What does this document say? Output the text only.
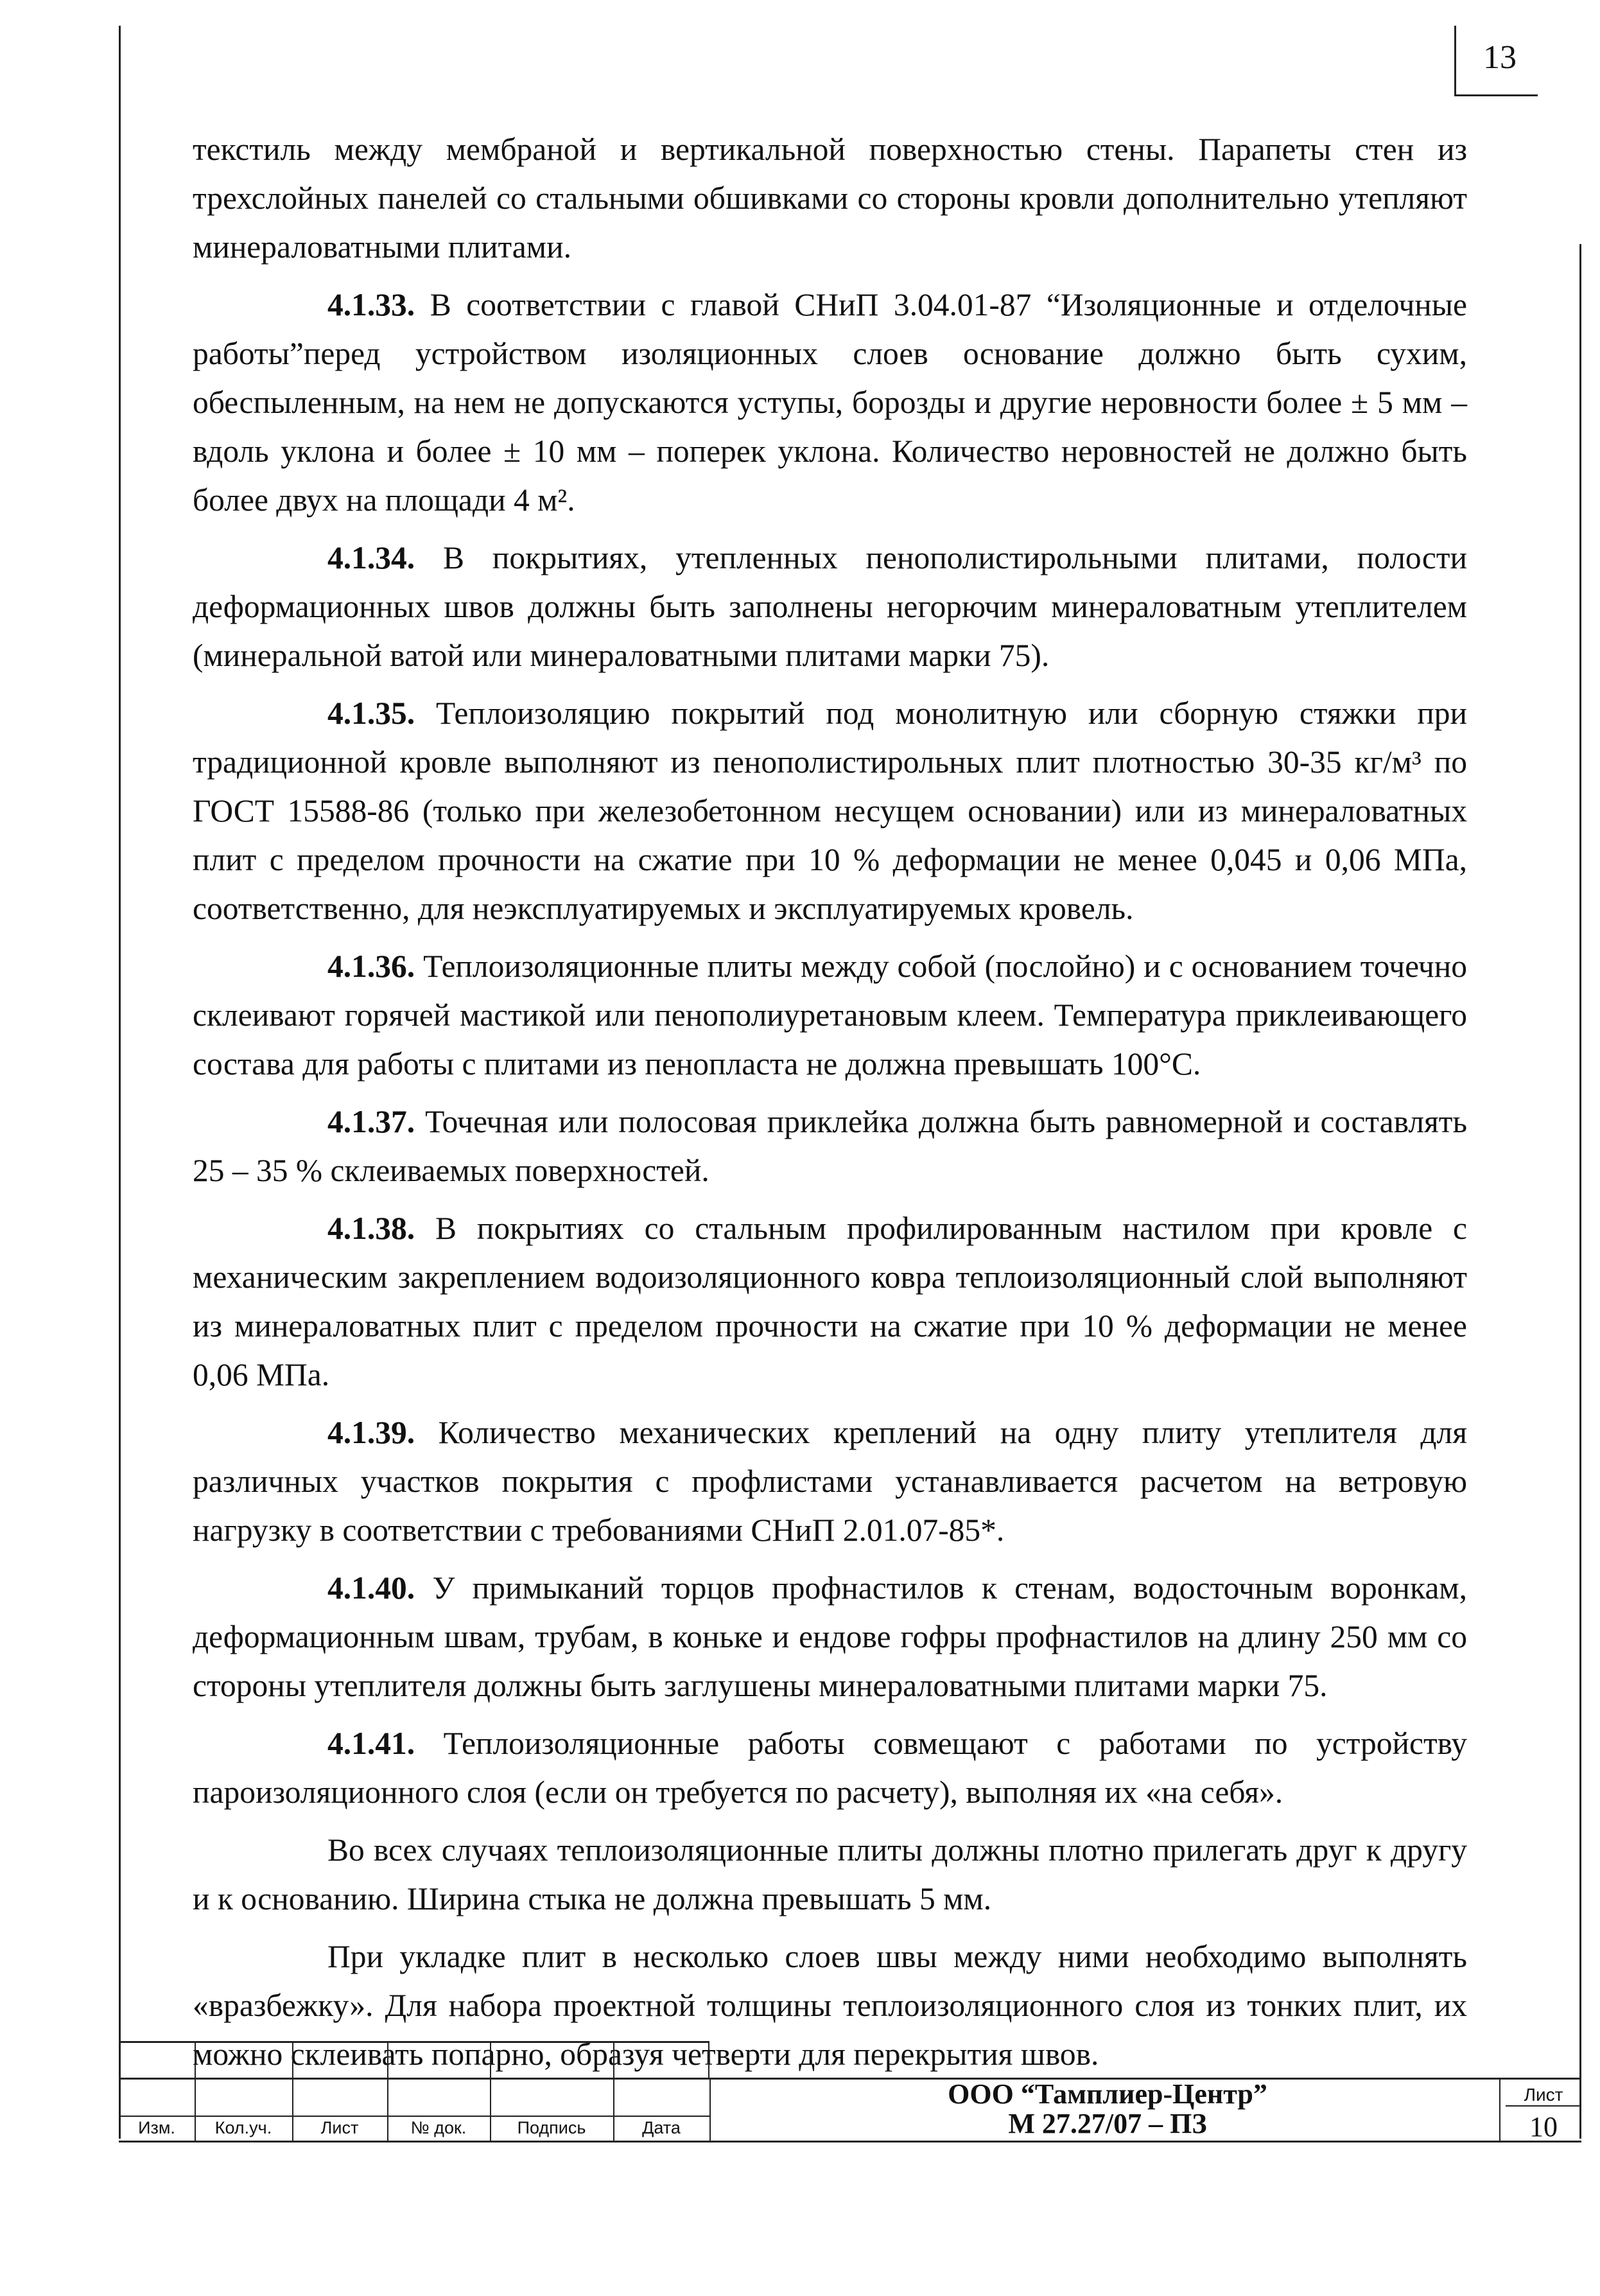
13

текстиль между мембраной и вертикальной поверхностью стены. Парапеты стен из трехслойных панелей со стальными обшивками со стороны кровли дополнительно утепляют минераловатными плитами.

4.1.33. В соответствии с главой СНиП 3.04.01-87 “Изоляционные и отделочные работы”перед устройством изоляционных слоев основание должно быть сухим, обеспыленным, на нем не допускаются уступы, борозды и другие неровности более ± 5 мм – вдоль уклона и более ± 10 мм – поперек уклона. Количество неровностей не должно быть более двух на площади 4 м².

4.1.34. В покрытиях, утепленных пенополистирольными плитами, полости деформационных швов должны быть заполнены негорючим минераловатным утеплителем (минеральной ватой или минераловатными плитами марки 75).

4.1.35. Теплоизоляцию покрытий под монолитную или сборную стяжки при традиционной кровле выполняют из пенополистирольных плит плотностью 30-35 кг/м³ по ГОСТ 15588-86 (только при железобетонном несущем основании) или из минераловатных плит с пределом прочности на сжатие при 10 % деформации не менее 0,045 и 0,06 МПа, соответственно, для неэксплуатируемых и эксплуатируемых кровель.

4.1.36. Теплоизоляционные плиты между собой (послойно) и с основанием точечно склеивают горячей мастикой или пенополиуретановым клеем. Температура приклеивающего состава для работы с плитами из пенопласта не должна превышать 100°С.

4.1.37. Точечная или полосовая приклейка должна быть равномерной и составлять 25 – 35 % склеиваемых поверхностей.

4.1.38. В покрытиях со стальным профилированным настилом при кровле с механическим закреплением водоизоляционного ковра теплоизоляционный слой выполняют из минераловатных плит с пределом прочности на сжатие при 10 % деформации не менее 0,06 МПа.

4.1.39. Количество механических креплений на одну плиту утеплителя для различных участков покрытия с профлистами устанавливается расчетом на ветровую нагрузку в соответствии с требованиями СНиП 2.01.07-85*.

4.1.40. У примыканий торцов профнастилов к стенам, водосточным воронкам, деформационным швам, трубам, в коньке и ендове гофры профнастилов на длину 250 мм со стороны утеплителя должны быть заглушены минераловатными плитами марки 75.

4.1.41. Теплоизоляционные работы совмещают с работами по устройству пароизоляционного слоя (если он требуется по расчету), выполняя их «на себя».

Во всех случаях теплоизоляционные плиты должны плотно прилегать друг к другу и к основанию. Ширина стыка не должна превышать 5 мм.

При укладке плит в несколько слоев швы между ними необходимо выполнять «вразбежку». Для набора проектной толщины теплоизоляционного слоя из тонких плит, их можно склеивать попарно, образуя четверти для перекрытия швов.

Изм.	Кол.уч.	Лист	№ док.	Подпись	Дата
ООО “Тамплиер-Центр”
М 27.27/07 – ПЗ
Лист
10
